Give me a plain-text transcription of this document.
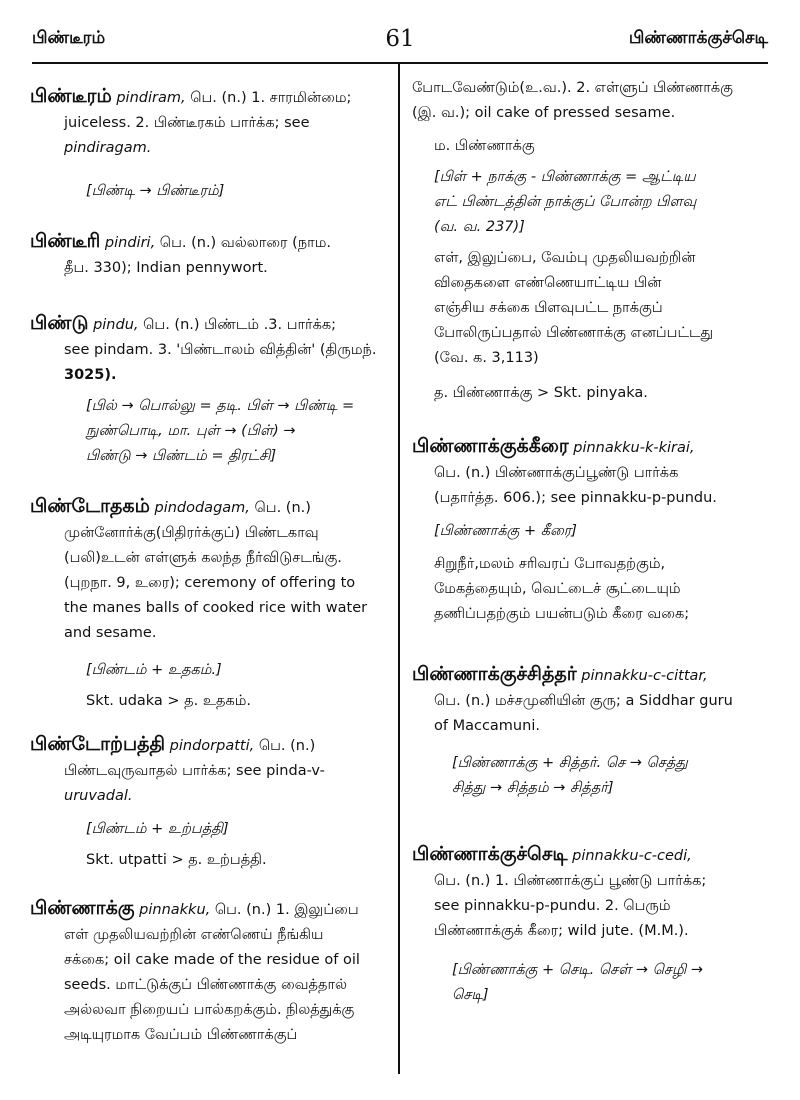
பிண்டீரம்	61	பிண்ணாக்குச்செடி

பிண்டீரம் pindiram, பெ. (n.) 1. சாரமின்மை;

juiceless. 2. பிண்டீரகம் பார்க்க; see

pindiragam.

[பிண்டி → பிண்டீரம்]

பிண்டீரி pindiri, பெ. (n.) வல்லாரை (நாம.

தீப. 330); Indian pennywort.

பிண்டு pindu, பெ. (n.) பிண்டம் .3. பார்க்க;

see pindam. 3. 'பிண்டாலம் வித்தின்' (திருமந்.

3025).

[பில் → பொல்லு = தடி. பிள் → பிண்டி =

நுண்பொடி, மா. புள் → (பிள்) →

பிண்டு → பிண்டம் = திரட்சி]

பிண்டோதகம் pindodagam, பெ. (n.)

முன்னோர்க்கு(பிதிரர்க்குப்) பிண்டகாவு

(பலி)உடன் எள்ளுக் கலந்த நீர்விடுசடங்கு.

(புறநா. 9, உரை); ceremony of offering to

the manes balls of cooked rice with water

and sesame.

[பிண்டம் + உதகம்.]

Skt. udaka > த. உதகம்.

பிண்டோற்பத்தி pindorpatti, பெ. (n.)

பிண்டவுருவாதல் பார்க்க; see pinda-v-

uruvadal.

[பிண்டம் + உற்பத்தி]

Skt. utpatti > த. உற்பத்தி.

பிண்ணாக்கு pinnakku, பெ. (n.) 1. இலுப்பை

எள் முதலியவற்றின் எண்ணெய் நீங்கிய

சக்கை; oil cake made of the residue of oil

seeds. மாட்டுக்குப் பிண்ணாக்கு வைத்தால்

அல்லவா நிறையப் பால்கறக்கும். நிலத்துக்கு

அடியுரமாக வேப்பம் பிண்ணாக்குப்

போடவேண்டும்(உ.வ.). 2. எள்ளுப் பிண்ணாக்கு

(இ. வ.); oil cake of pressed sesame.

ம. பிண்ணாக்கு

[பிள் + நாக்கு - பிண்ணாக்கு = ஆட்டிய

எட் பிண்டத்தின் நாக்குப் போன்ற பிளவு

(வ. வ. 237)]

எள், இலுப்பை, வேம்பு முதலியவற்றின்

விதைகளை எண்ணெயாட்டிய பின்

எஞ்சிய சக்கை பிளவுபட்ட நாக்குப்

போலிருப்பதால் பிண்ணாக்கு எனப்பட்டது

(வே. க. 3,113)

த. பிண்ணாக்கு > Skt. pinyaka.

பிண்ணாக்குக்கீரை pinnakku-k-kirai,

பெ. (n.) பிண்ணாக்குப்பூண்டு பார்க்க

(பதார்த்த. 606.); see pinnakku-p-pundu.

[பிண்ணாக்கு + கீரை]

சிறுநீர்,மலம் சரிவரப் போவதற்கும்,

மேகத்தையும், வெட்டைச் சூட்டையும்

தணிப்பதற்கும் பயன்படும் கீரை வகை;

பிண்ணாக்குச்சித்தர் pinnakku-c-cittar,

பெ. (n.) மச்சமுனியின் குரு; a Siddhar guru

of Maccamuni.

[பிண்ணாக்கு + சித்தர். செ → செத்து

சித்து → சித்தம் → சித்தர்]

பிண்ணாக்குச்செடி pinnakku-c-cedi,

பெ. (n.) 1. பிண்ணாக்குப் பூண்டு பார்க்க;

see pinnakku-p-pundu. 2. பெரும்

பிண்ணாக்குக் கீரை; wild jute. (M.M.).

[பிண்ணாக்கு + செடி. செள் → செழி →

செடி]
